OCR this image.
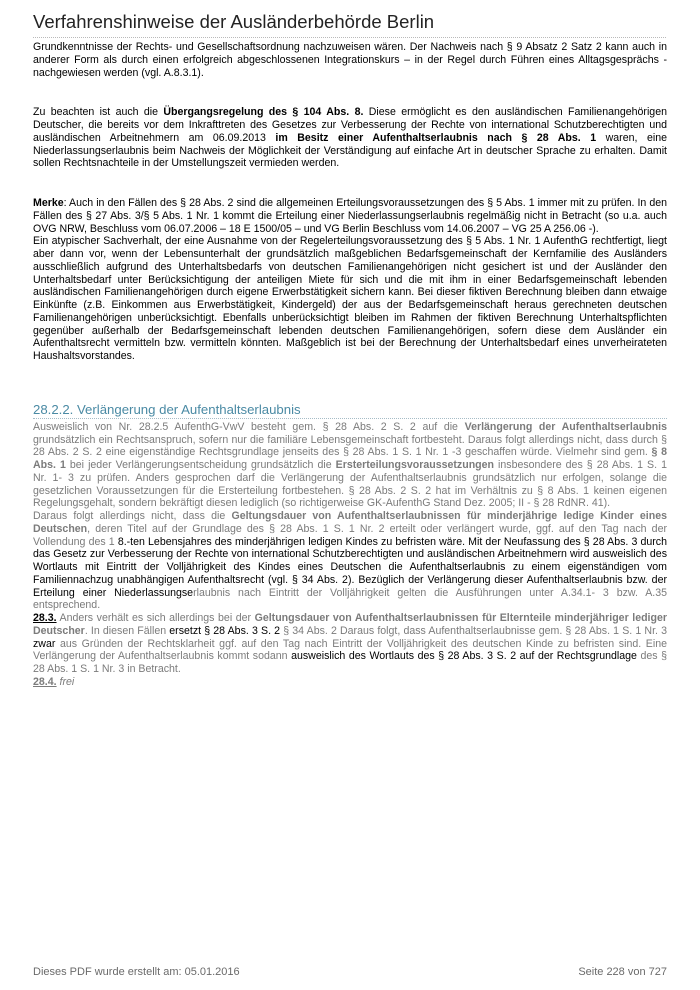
Verfahrenshinweise der Ausländerbehörde Berlin

Grundkenntnisse der Rechts- und Gesellschaftsordnung nachzuweisen wären. Der Nachweis nach § 9 Absatz 2 Satz 2 kann auch in anderer Form als durch einen erfolgreich abgeschlossenen Integrationskurs – in der Regel durch Führen eines Alltagsgesprächs - nachgewiesen werden (vgl. A.8.3.1).

Zu beachten ist auch die Übergangsregelung des § 104 Abs. 8. Diese ermöglicht es den ausländischen Familienangehörigen Deutscher, die bereits vor dem Inkrafttreten des Gesetzes zur Verbesserung der Rechte von international Schutzberechtigten und ausländischen Arbeitnehmern am 06.09.2013 im Besitz einer Aufenthaltserlaubnis nach § 28 Abs. 1 waren, eine Niederlassungserlaubnis beim Nachweis der Möglichkeit der Verständigung auf einfache Art in deutscher Sprache zu erhalten. Damit sollen Rechtsnachteile in der Umstellungszeit vermieden werden.

Merke: Auch in den Fällen des § 28 Abs. 2 sind die allgemeinen Erteilungsvoraussetzungen des § 5 Abs. 1 immer mit zu prüfen. In den Fällen des § 27 Abs. 3/§ 5 Abs. 1 Nr. 1 kommt die Erteilung einer Niederlassungserlaubnis regelmäßig nicht in Betracht (so u.a. auch OVG NRW, Beschluss vom 06.07.2006 – 18 E 1500/05 – und VG Berlin Beschluss vom 14.06.2007 – VG 25 A 256.06 -).

Ein atypischer Sachverhalt, der eine Ausnahme von der Regelerteilungsvoraussetzung des § 5 Abs. 1 Nr. 1 AufenthG rechtfertigt, liegt aber dann vor, wenn der Lebensunterhalt der grundsätzlich maßgeblichen Bedarfsgemeinschaft der Kernfamilie des Ausländers ausschließlich aufgrund des Unterhaltsbedarfs von deutschen Familienangehörigen nicht gesichert ist und der Ausländer den Unterhaltsbedarf unter Berücksichtigung der anteiligen Miete für sich und die mit ihm in einer Bedarfsgemeinschaft lebenden ausländischen Familienangehörigen durch eigene Erwerbstätigkeit sichern kann. Bei dieser fiktiven Berechnung bleiben dann etwaige Einkünfte (z.B. Einkommen aus Erwerbstätigkeit, Kindergeld) der aus der Bedarfsgemeinschaft heraus gerechneten deutschen Familienangehörigen unberücksichtigt. Ebenfalls unberücksichtigt bleiben im Rahmen der fiktiven Berechnung Unterhaltspflichten gegenüber außerhalb der Bedarfsgemeinschaft lebenden deutschen Familienangehörigen, sofern diese dem Ausländer ein Aufenthaltsrecht vermitteln bzw. vermitteln könnten. Maßgeblich ist bei der Berechnung der Unterhaltsbedarf eines unverheirateten Haushaltsvorstandes.

28.2.2. Verlängerung der Aufenthaltserlaubnis

Ausweislich von Nr. 28.2.5 AufenthG-VwV besteht gem. § 28 Abs. 2 S. 2 auf die Verlängerung der Aufenthaltserlaubnis grundsätzlich ein Rechtsanspruch, sofern nur die familiäre Lebensgemeinschaft fortbesteht. Daraus folgt allerdings nicht, dass durch § 28 Abs. 2 S. 2 eine eigenständige Rechtsgrundlage jenseits des § 28 Abs. 1 S. 1 Nr. 1 -3 geschaffen würde. Vielmehr sind gem. § 8 Abs. 1 bei jeder Verlängerungsentscheidung grundsätzlich die Ersterteilungsvoraussetzungen insbesondere des § 28 Abs. 1 S. 1 Nr. 1- 3 zu prüfen. Anders gesprochen darf die Verlängerung der Aufenthaltserlaubnis grundsätzlich nur erfolgen, solange die gesetzlichen Voraussetzungen für die Ersterteilung fortbestehen. § 28 Abs. 2 S. 2 hat im Verhältnis zu § 8 Abs. 1 keinen eigenen Regelungsgehalt, sondern bekräftigt diesen lediglich (so richtigerweise GK-AufenthG Stand Dez. 2005; II - § 28 RdNR. 41).

Daraus folgt allerdings nicht, dass die Geltungsdauer von Aufenthaltserlaubnissen für minderjährige ledige Kinder eines Deutschen, deren Titel auf der Grundlage des § 28 Abs. 1 S. 1 Nr. 2 erteilt oder verlängert wurde, ggf. auf den Tag nach der Vollendung des 1 8.-ten Lebensjahres des minderjährigen ledigen Kindes zu befristen wäre. Mit der Neufassung des § 28 Abs. 3 durch das Gesetz zur Verbesserung der Rechte von international Schutzberechtigten und ausländischen Arbeitnehmern wird ausweislich des Wortlauts mit Eintritt der Volljährigkeit des Kindes eines Deutschen die Aufenthaltserlaubnis zu einem eigenständigen vom Familiennachzug unabhängigen Aufenthaltsrecht (vgl. § 34 Abs. 2). Bezüglich der Verlängerung dieser Aufenthaltserlaubnis bzw. der Erteilung einer Niederlassungserlaubnis nach Eintritt der Volljährigkeit gelten die Ausführungen unter A.34.1- 3 bzw. A.35 entsprechend.

28.3. Anders verhält es sich allerdings bei der Geltungsdauer von Aufenthaltserlaubnissen für Elternteile minderjähriger lediger Deutscher. In diesen Fällen ersetzt § 28 Abs. 3 S. 2 § 34 Abs. 2 Daraus folgt, dass Aufenthaltserlaubnisse gem. § 28 Abs. 1 S. 1 Nr. 3 zwar aus Gründen der Rechtsklarheit ggf. auf den Tag nach Eintritt der Volljährigkeit des deutschen Kinde zu befristen sind. Eine Verlängerung der Aufenthaltserlaubnis kommt sodann ausweislich des Wortlauts des § 28 Abs. 3 S. 2 auf der Rechtsgrundlage des § 28 Abs. 1 S. 1 Nr. 3 in Betracht.

28.4. frei

Dieses PDF wurde erstellt am: 05.01.2016	Seite 228 von 727
